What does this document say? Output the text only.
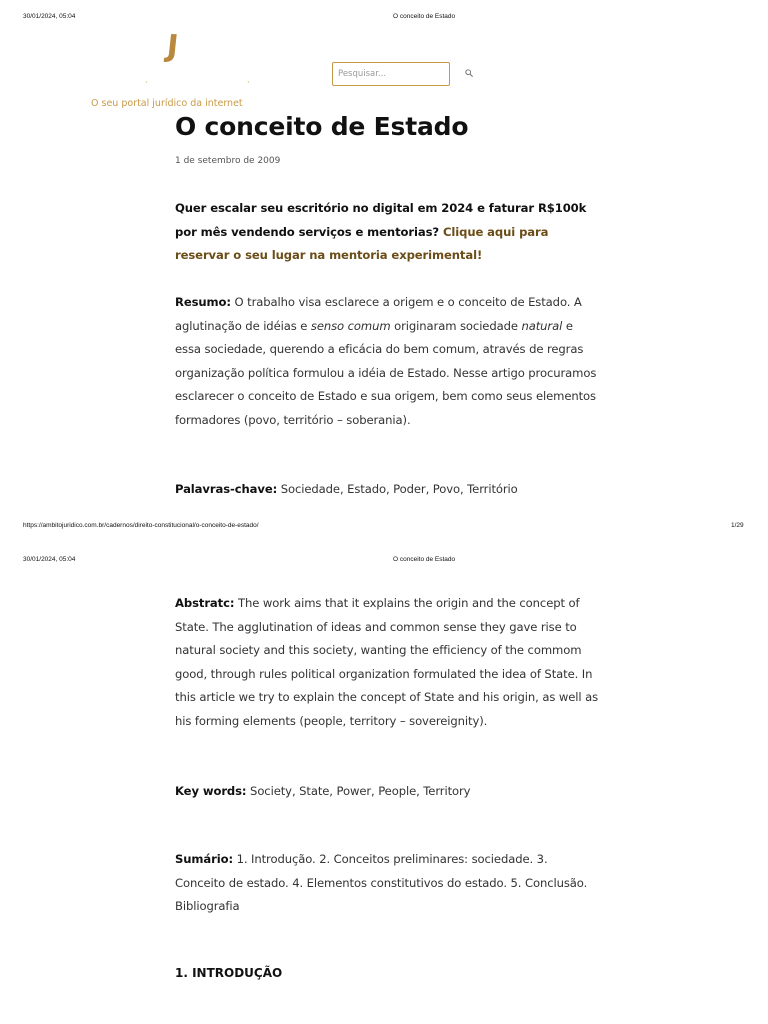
30/01/2024, 05:04	O conceito de Estado
J
·	·
O seu portal jurídico da internet
Pesquisar...
O conceito de Estado
1 de setembro de 2009

Quer escalar seu escritório no digital em 2024 e faturar R$100k por mês vendendo serviços e mentorias? Clique aqui para reservar o seu lugar na mentoria experimental!

Resumo: O trabalho visa esclarece a origem e o conceito de Estado. A aglutinação de idéias e senso comum originaram sociedade natural e essa sociedade, querendo a eficácia do bem comum, através de regras organização política formulou a idéia de Estado. Nesse artigo procuramos esclarecer o conceito de Estado e sua origem, bem como seus elementos formadores (povo, território – soberania).

Palavras-chave: Sociedade, Estado, Poder, Povo, Território

https://ambitojuridico.com.br/cadernos/direito-constitucional/o-conceito-de-estado/	1/29
30/01/2024, 05:04	O conceito de Estado

Abstratc: The work aims that it explains the origin and the concept of State. The agglutination of ideas and common sense they gave rise to natural society and this society, wanting the efficiency of the commom good, through rules political organization formulated the idea of State. In this article we try to explain the concept of State and his origin, as well as his forming elements (people, territory – sovereignity).

Key words: Society, State, Power, People, Territory

Sumário: 1. Introdução. 2. Conceitos preliminares: sociedade. 3. Conceito de estado. 4. Elementos constitutivos do estado. 5. Conclusão. Bibliografia

1. INTRODUÇÃO
